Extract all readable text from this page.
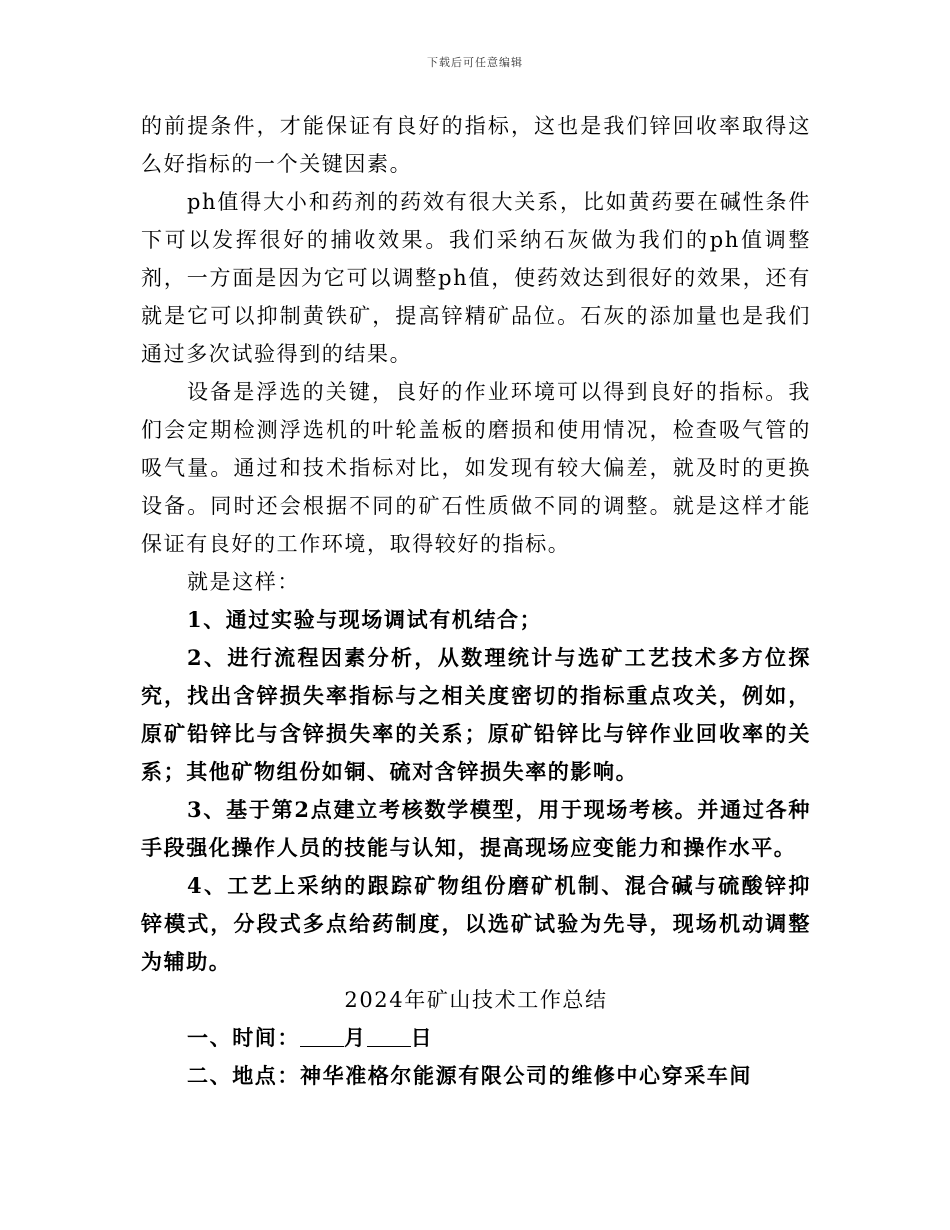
下载后可任意编辑

的前提条件，才能保证有良好的指标，这也是我们锌回收率取得这么好指标的一个关键因素。

ph值得大小和药剂的药效有很大关系，比如黄药要在碱性条件下可以发挥很好的捕收效果。我们采纳石灰做为我们的ph值调整剂，一方面是因为它可以调整ph值，使药效达到很好的效果，还有就是它可以抑制黄铁矿，提高锌精矿品位。石灰的添加量也是我们通过多次试验得到的结果。

设备是浮选的关键，良好的作业环境可以得到良好的指标。我们会定期检测浮选机的叶轮盖板的磨损和使用情况，检查吸气管的吸气量。通过和技术指标对比，如发现有较大偏差，就及时的更换设备。同时还会根据不同的矿石性质做不同的调整。就是这样才能保证有良好的工作环境，取得较好的指标。

就是这样：

1、通过实验与现场调试有机结合；

2、进行流程因素分析，从数理统计与选矿工艺技术多方位探究，找出含锌损失率指标与之相关度密切的指标重点攻关，例如，原矿铅锌比与含锌损失率的关系；原矿铅锌比与锌作业回收率的关系；其他矿物组份如铜、硫对含锌损失率的影响。

3、基于第2点建立考核数学模型，用于现场考核。并通过各种手段强化操作人员的技能与认知，提高现场应变能力和操作水平。

4、工艺上采纳的跟踪矿物组份磨矿机制、混合碱与硫酸锌抑锌模式，分段式多点给药制度，以选矿试验为先导，现场机动调整为辅助。

2024年矿山技术工作总结

一、时间： 月 日

二、地点：神华准格尔能源有限公司的维修中心穿采车间
